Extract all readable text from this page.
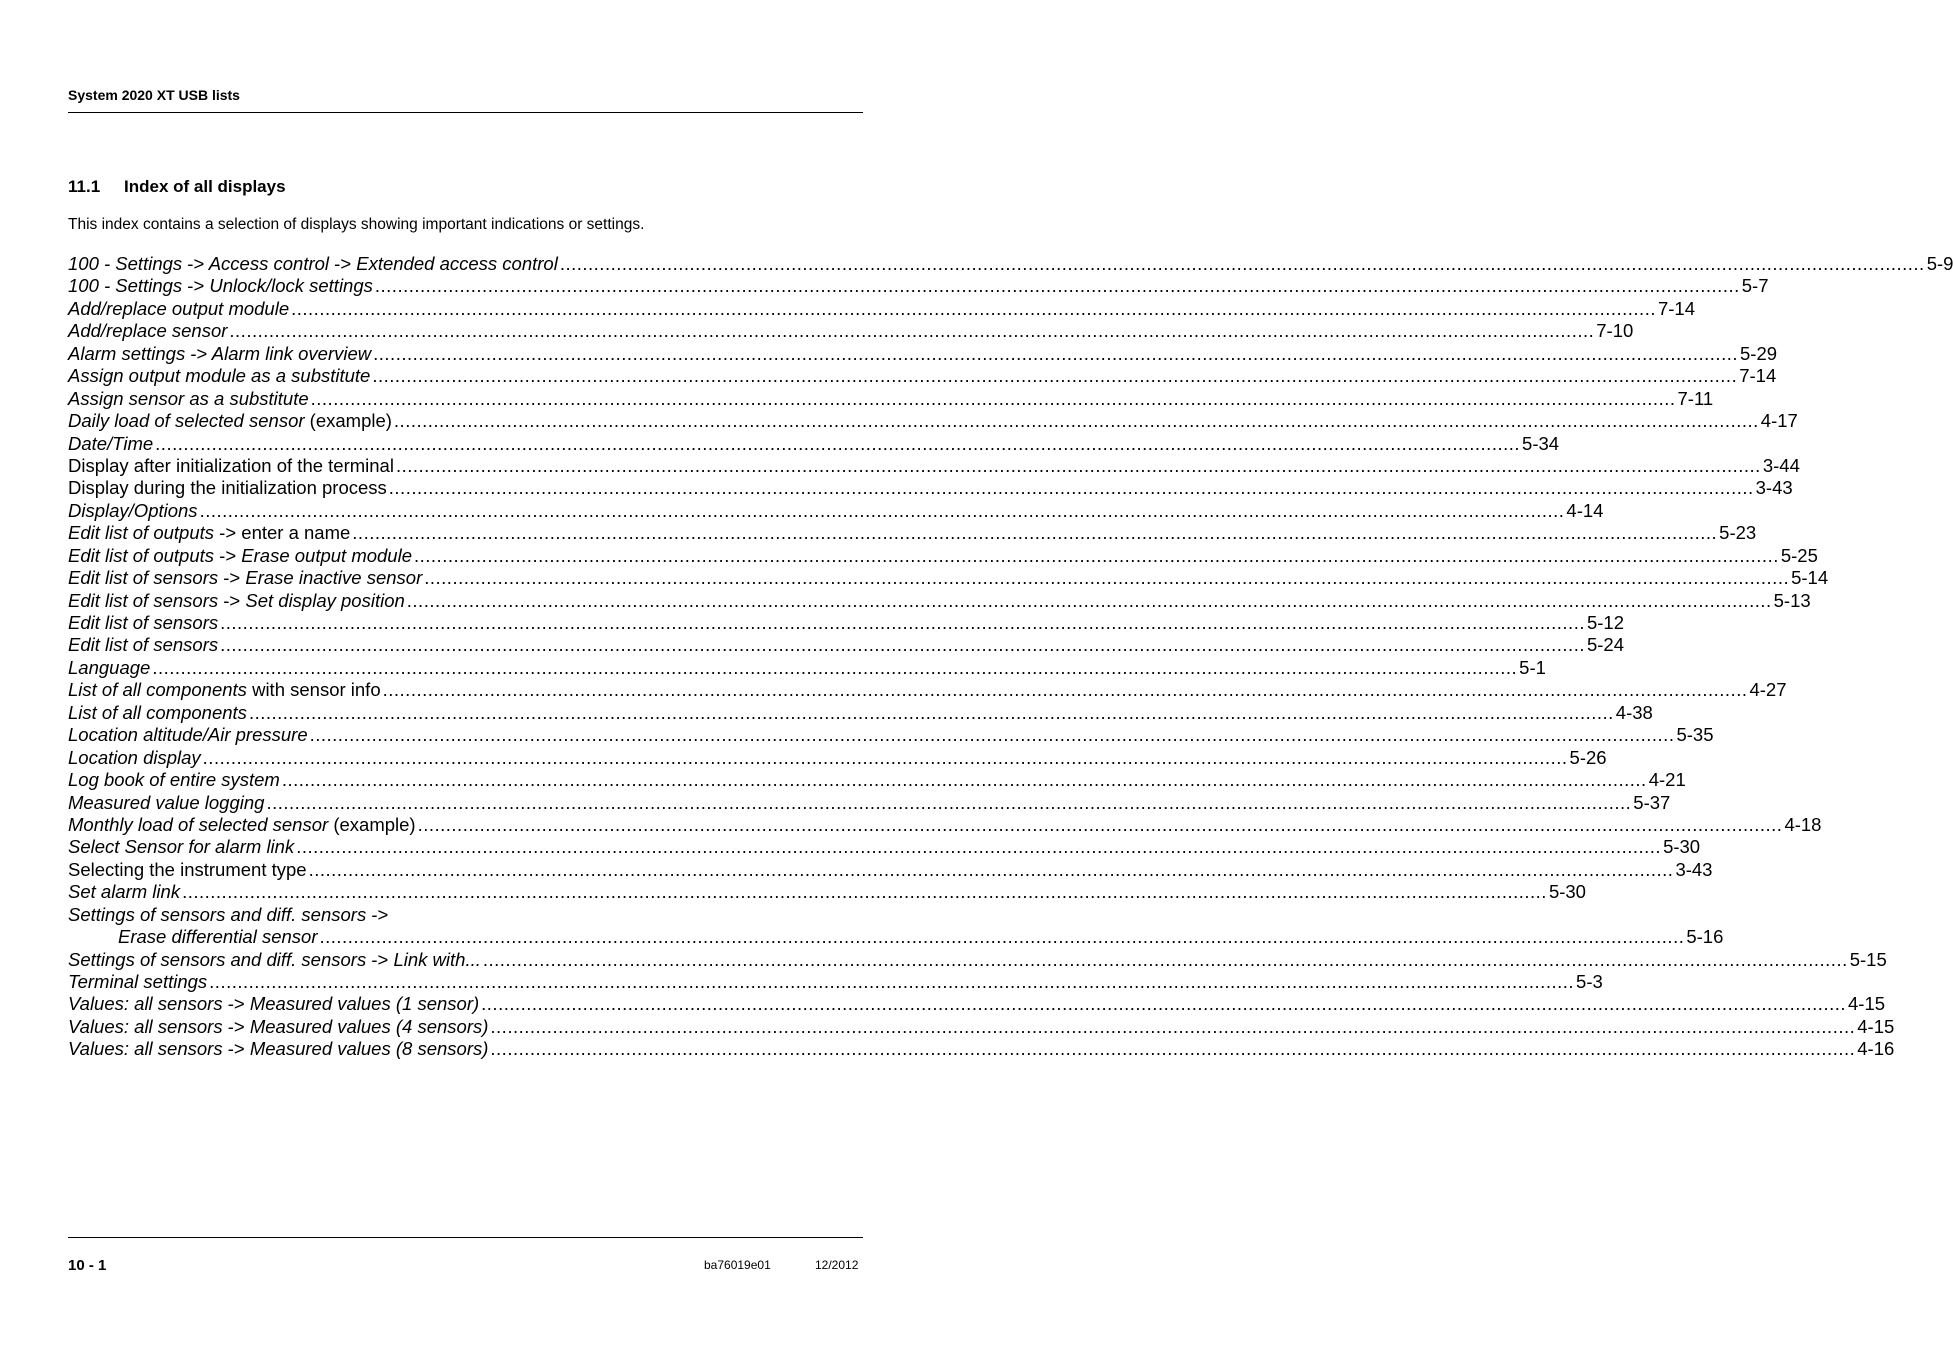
System 2020 XT USB lists
11.1 Index of all displays
This index contains a selection of displays showing important indications or settings.
100 - Settings -> Access control -> Extended access control .....	5-9
100 - Settings -> Unlock/lock settings .....	5-7
Add/replace output module .....	7-14
Add/replace sensor .....	7-10
Alarm settings -> Alarm link overview .....	5-29
Assign output module as a substitute .....	7-14
Assign sensor as a substitute .....	7-11
Daily load of selected sensor (example) .....	4-17
Date/Time .....	5-34
Display after initialization of the terminal .....	3-44
Display during the initialization process .....	3-43
Display/Options .....	4-14
Edit list of outputs -> enter a name .....	5-23
Edit list of outputs -> Erase output module .....	5-25
Edit list of sensors -> Erase inactive sensor .....	5-14
Edit list of sensors -> Set display position .....	5-13
Edit list of sensors .....	5-12
Edit list of sensors .....	5-24
Language .....	5-1
List of all components with sensor info .....	4-27
List of all components .....	4-38
Location altitude/Air pressure .....	5-35
Location display .....	5-26
Log book of entire system .....	4-21
Measured value logging .....	5-37
Monthly load of selected sensor (example) .....	4-18
Select Sensor for alarm link .....	5-30
Selecting the instrument type .....	3-43
Set alarm link .....	5-30
Settings of sensors and diff. sensors ->
Erase differential sensor .....	5-16
Settings of sensors and diff. sensors -> Link with... .....	5-15
Terminal settings .....	5-3
Values: all sensors -> Measured values (1 sensor) .....	4-15
Values: all sensors -> Measured values (4 sensors) .....	4-15
Values: all sensors -> Measured values (8 sensors) .....	4-16
10 - 1	ba76019e01	12/2012
